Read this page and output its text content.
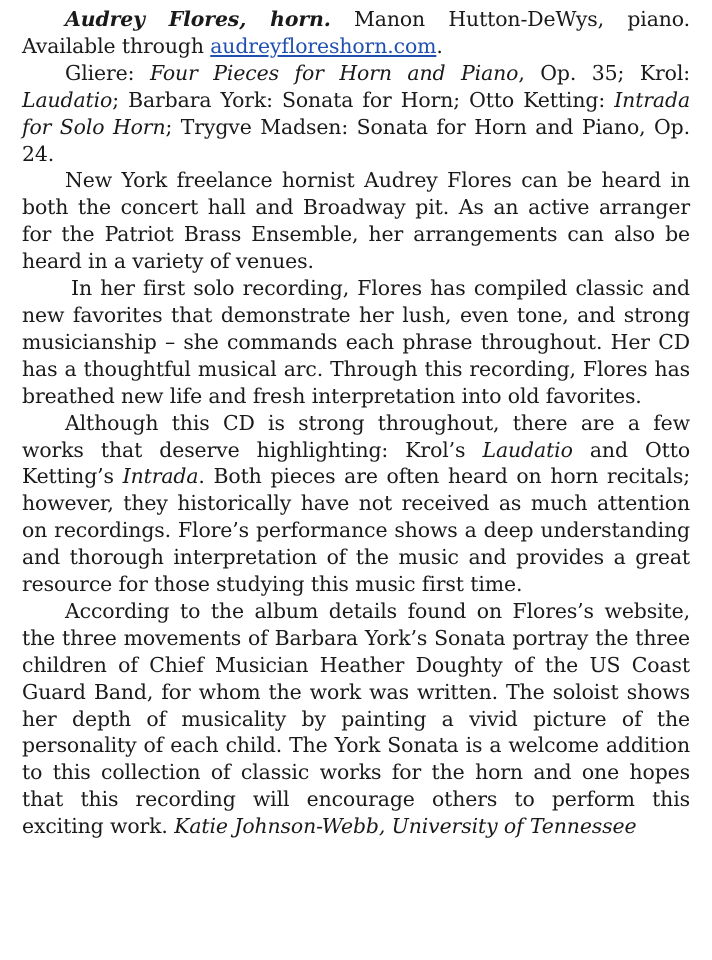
Audrey Flores, horn. Manon Hutton-DeWys, piano. Available through audreyfloreshorn.com.

Gliere: Four Pieces for Horn and Piano, Op. 35; Krol: Laudatio; Barbara York: Sonata for Horn; Otto Ketting: Intrada for Solo Horn; Trygve Madsen: Sonata for Horn and Piano, Op. 24.

New York freelance hornist Audrey Flores can be heard in both the concert hall and Broadway pit. As an active arranger for the Patriot Brass Ensemble, her arrangements can also be heard in a variety of venues.

In her first solo recording, Flores has compiled classic and new favorites that demonstrate her lush, even tone, and strong musicianship – she commands each phrase throughout. Her CD has a thoughtful musical arc. Through this recording, Flores has breathed new life and fresh interpretation into old favorites.

Although this CD is strong throughout, there are a few works that deserve highlighting: Krol’s Laudatio and Otto Ketting’s Intrada. Both pieces are often heard on horn recitals; however, they historically have not received as much attention on recordings. Flore’s performance shows a deep understanding and thorough interpretation of the music and provides a great resource for those studying this music first time.

According to the album details found on Flores’s website, the three movements of Barbara York’s Sonata portray the three children of Chief Musician Heather Doughty of the US Coast Guard Band, for whom the work was written. The soloist shows her depth of musicality by painting a vivid picture of the personality of each child. The York Sonata is a welcome addition to this collection of classic works for the horn and one hopes that this recording will encourage others to perform this exciting work. Katie Johnson-Webb, University of Tennessee
